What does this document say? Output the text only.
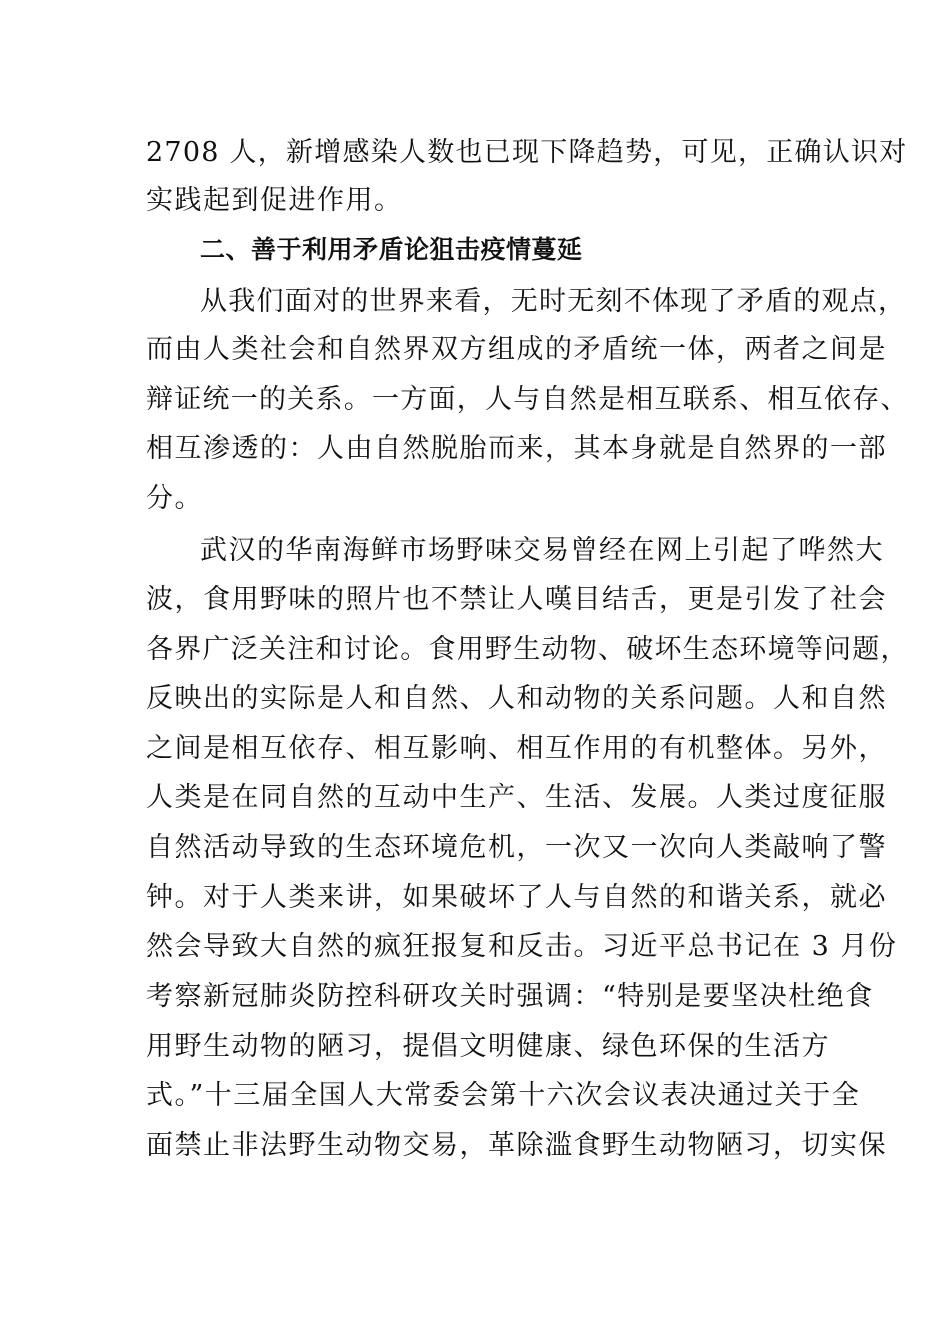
2708 人，新增感染人数也已现下降趋势，可见，正确认识对
实践起到促进作用。
二、善于利用矛盾论狙击疫情蔓延
从我们面对的世界来看，无时无刻不体现了矛盾的观点，
而由人类社会和自然界双方组成的矛盾统一体，两者之间是
辩证统一的关系。一方面，人与自然是相互联系、相互依存、
相互渗透的：人由自然脱胎而来，其本身就是自然界的一部
分。
武汉的华南海鲜市场野味交易曾经在网上引起了哗然大
波，食用野味的照片也不禁让人嘆目结舌，更是引发了社会
各界广泛关注和讨论。食用野生动物、破坏生态环境等问题，
反映出的实际是人和自然、人和动物的关系问题。人和自然
之间是相互依存、相互影响、相互作用的有机整体。另外，
人类是在同自然的互动中生产、生活、发展。人类过度征服
自然活动导致的生态环境危机，一次又一次向人类敲响了警
钟。对于人类来讲，如果破坏了人与自然的和谐关系，就必
然会导致大自然的疯狂报复和反击。习近平总书记在 3 月份
考察新冠肺炎防控科研攻关时强调：“特别是要坚决杜绝食
用野生动物的陋习，提倡文明健康、绿色环保的生活方
式。”十三届全国人大常委会第十六次会议表决通过关于全
面禁止非法野生动物交易，革除滥食野生动物陋习，切实保
